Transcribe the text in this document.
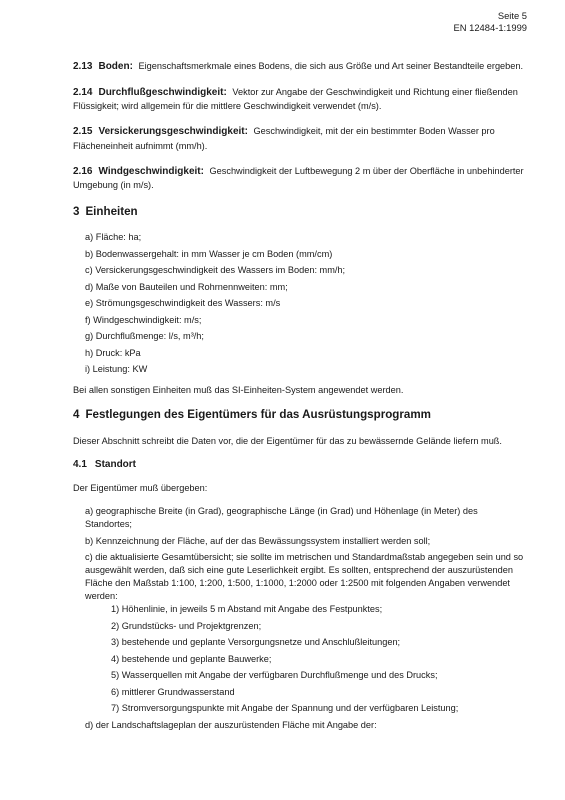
Seite 5
EN 12484-1:1999

2.13 Boden: Eigenschaftsmerkmale eines Bodens, die sich aus Größe und Art seiner Bestandteile ergeben.

2.14 Durchflußgeschwindigkeit: Vektor zur Angabe der Geschwindigkeit und Richtung einer fließenden Flüssigkeit; wird allgemein für die mittlere Geschwindigkeit verwendet (m/s).

2.15 Versickerungsgeschwindigkeit: Geschwindigkeit, mit der ein bestimmter Boden Wasser pro Flächeneinheit aufnimmt (mm/h).

2.16 Windgeschwindigkeit: Geschwindigkeit der Luftbewegung 2 m über der Oberfläche in unbehinderter Umgebung (in m/s).

3 Einheiten
a) Fläche: ha;
b) Bodenwassergehalt: in mm Wasser je cm Boden (mm/cm)
c) Versickerungsgeschwindigkeit des Wassers im Boden: mm/h;
d) Maße von Bauteilen und Rohrnennweiten: mm;
e) Strömungsgeschwindigkeit des Wassers: m/s
f) Windgeschwindigkeit: m/s;
g) Durchflußmenge: l/s, m³/h;
h) Druck: kPa
i) Leistung: KW

Bei allen sonstigen Einheiten muß das SI-Einheiten-System angewendet werden.

4 Festlegungen des Eigentümers für das Ausrüstungsprogramm

Dieser Abschnitt schreibt die Daten vor, die der Eigentümer für das zu bewässernde Gelände liefern muß.

4.1 Standort

Der Eigentümer muß übergeben:

a) geographische Breite (in Grad), geographische Länge (in Grad) und Höhenlage (in Meter) des Standortes;
b) Kennzeichnung der Fläche, auf der das Bewässungssystem installiert werden soll;
c) die aktualisierte Gesamtübersicht; sie sollte im metrischen und Standardmaßstab angegeben sein und so ausgewählt werden, daß sich eine gute Leserlichkeit ergibt. Es sollten, entsprechend der auszurüstenden Fläche den Maßstab 1:100, 1:200, 1:500, 1:1000, 1:2000 oder 1:2500 mit folgenden Angaben verwendet werden:
1) Höhenlinie, in jeweils 5 m Abstand mit Angabe des Festpunktes;
2) Grundstücks- und Projektgrenzen;
3) bestehende und geplante Versorgungsnetze und Anschlußleitungen;
4) bestehende und geplante Bauwerke;
5) Wasserquellen mit Angabe der verfügbaren Durchflußmenge und des Drucks;
6) mittlerer Grundwasserstand
7) Stromversorgungspunkte mit Angabe der Spannung und der verfügbaren Leistung;
d) der Landschaftslageplan der auszurüstenden Fläche mit Angabe der:
